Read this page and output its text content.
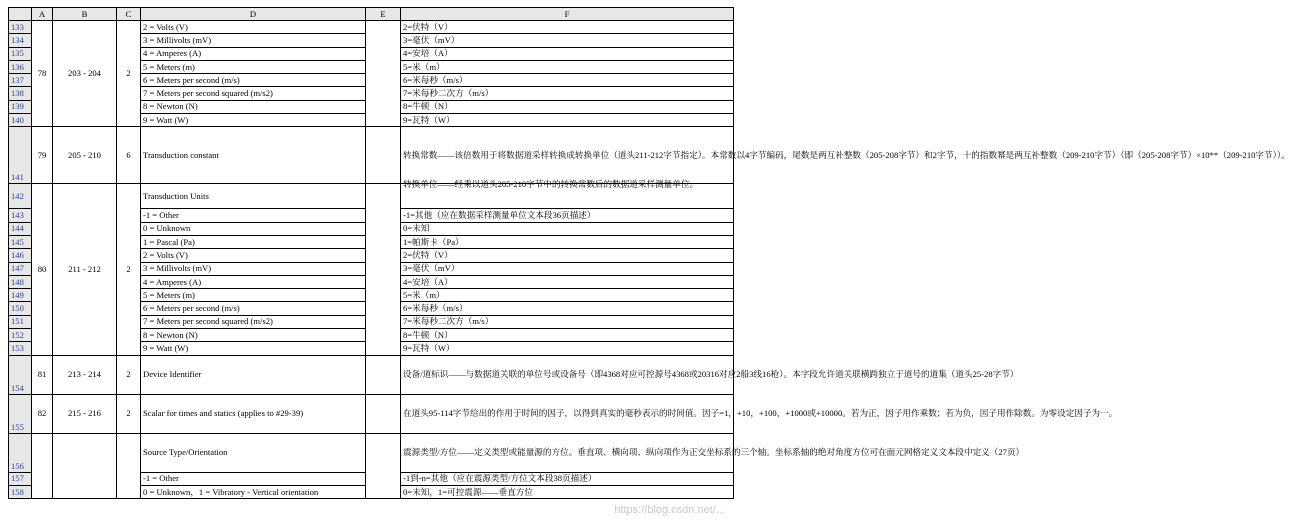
	A	B	C	D	E	F
133	78	203 - 204	2	2 = Volts (V)		2=伏特（V）
134				3 = Millivolts (mV)		3=毫伏（mV）
135				4 = Amperes (A)		4=安培（A）
136				5 = Meters (m)		5=米（m）
137				6 = Meters per second (m/s)		6=米每秒（m/s）
138				7 = Meters per second squared (m/s2)		7=米每秒二次方（m/s）
139				8 = Newton (N)		8=牛顿（N）
140				9 = Watt (W)		9=瓦特（W）
141	79	205 - 210	6	Transduction constant		转换常数——该倍数用于将数据道采样转换成转换单位（道头211-212字节指定）。本常数以4字节编码，尾数是两互补整数（205-208字节）和2字节，十的指数幂是两互补整数（209-210字节）（即（205-208字节）×10**（209-210字节））。
142	80	211 - 212	2	Transduction Units		转换单位——经乘以道头205-210字节中的转换常数后的数据道采样测量单位。

143				-1 = Other		-1=其他（应在数据采样测量单位文本段36页描述）
144				0 = Unknown		0=未知
145				1 = Pascal (Pa)		1=帕斯卡（Pa）
146				2 = Volts (V)		2=伏特（V）
147				3 = Millivolts (mV)		3=毫伏（mV）
148				4 = Amperes (A)		4=安培（A）
149				5 = Meters (m)		5=米（m）
150				6 = Meters per second (m/s)		6=米每秒（m/s）
151				7 = Meters per second squared (m/s2)		7=米每秒二次方（m/s）
152				8 = Newton (N)		8=牛顿（N）
153				9 = Watt (W)		9=瓦特（W）
154	81	213 - 214	2	Device Identifier		设备/道标识——与数据道关联的单位号或设备号（即4368对应可控源号4368或20316对应2船3线16枪）。本字段允许道关联横跨独立于道号的道集（道头25-28字节）
155	82	215 - 216	2	Scalar for times and statics (applies to #29-39)		在道头95-114字节给出的作用于时间的因子，以得到真实的毫秒表示的时间值。因子=1，+10，+100，+1000或+10000。若为正，因子用作乘数；若为负，因子用作除数。为零设定因子为一。
156				Source Type/Orientation		震源类型/方位——定义类型或能量源的方位。垂直项、横向项、纵向项作为正交坐标系的三个轴。坐标系轴的绝对角度方位可在面元网格定义文本段中定义（27页）
157				-1 = Other		-1到-n=其他（应在震源类型/方位文本段38页描述）
158				0 = Unknown，1 = Vibratory - Vertical orientation		0=未知，1=可控震源——垂直方位
https://blog.csdn.net/...
